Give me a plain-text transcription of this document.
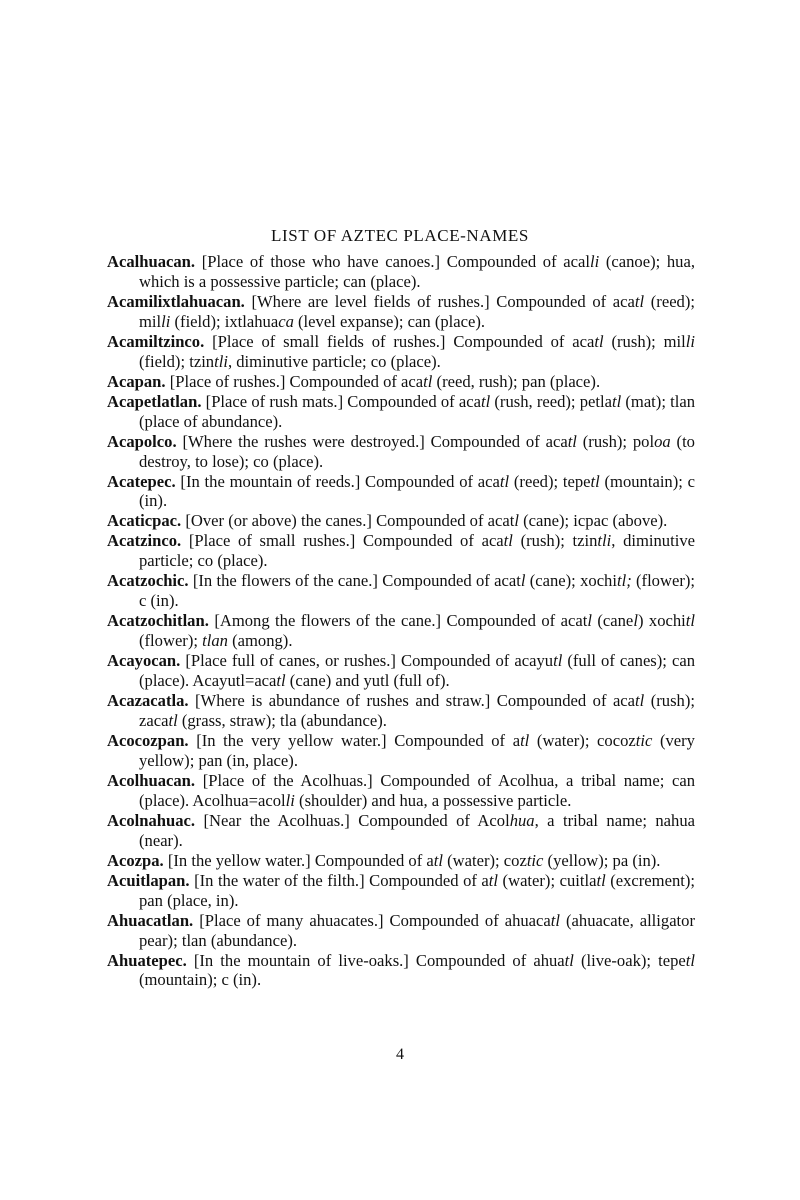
LIST OF AZTEC PLACE-NAMES

Acalhuacan. [Place of those who have canoes.] Compounded of acalli (canoe); hua, which is a possessive particle; can (place).

Acamilixtlahuacan. [Where are level fields of rushes.] Compounded of acatl (reed); milli (field); ixtlahuaca (level expanse); can (place).

Acamiltzinco. [Place of small fields of rushes.] Compounded of acatl (rush); milli (field); tzintli, diminutive particle; co (place).

Acapan. [Place of rushes.] Compounded of acatl (reed, rush); pan (place).

Acapetlatlan. [Place of rush mats.] Compounded of acatl (rush, reed); petlatl (mat); tlan (place of abundance).

Acapolco. [Where the rushes were destroyed.] Compounded of acatl (rush); poloa (to destroy, to lose); co (place).

Acatepec. [In the mountain of reeds.] Compounded of acatl (reed); tepetl (mountain); c (in).

Acaticpac. [Over (or above) the canes.] Compounded of acatl (cane); icpac (above).

Acatzinco. [Place of small rushes.] Compounded of acatl (rush); tzintli, diminutive particle; co (place).

Acatzochic. [In the flowers of the cane.] Compounded of acatl (cane); xochitl; (flower); c (in).

Acatzochitlan. [Among the flowers of the cane.] Compounded of acatl (canel) xochitl (flower); tlan (among).

Acayocan. [Place full of canes, or rushes.] Compounded of acayutl (full of canes); can (place). Acayutl=acatl (cane) and yutl (full of).

Acazacatla. [Where is abundance of rushes and straw.] Compounded of acatl (rush); zacatl (grass, straw); tla (abundance).

Acocozpan. [In the very yellow water.] Compounded of atl (water); cocoztic (very yellow); pan (in, place).

Acolhuacan. [Place of the Acolhuas.] Compounded of Acolhua, a tribal name; can (place). Acolhua=acolli (shoulder) and hua, a possessive particle.

Acolnahuac. [Near the Acolhuas.] Compounded of Acolhua, a tribal name; nahua (near).

Acozpa. [In the yellow water.] Compounded of atl (water); coztic (yellow); pa (in).

Acuitlapan. [In the water of the filth.] Compounded of atl (water); cuitlatl (excrement); pan (place, in).

Ahuacatlan. [Place of many ahuacates.] Compounded of ahuacatl (ahuacate, alligator pear); tlan (abundance).

Ahuatepec. [In the mountain of live-oaks.] Compounded of ahuatl (live-oak); tepetl (mountain); c (in).

4
